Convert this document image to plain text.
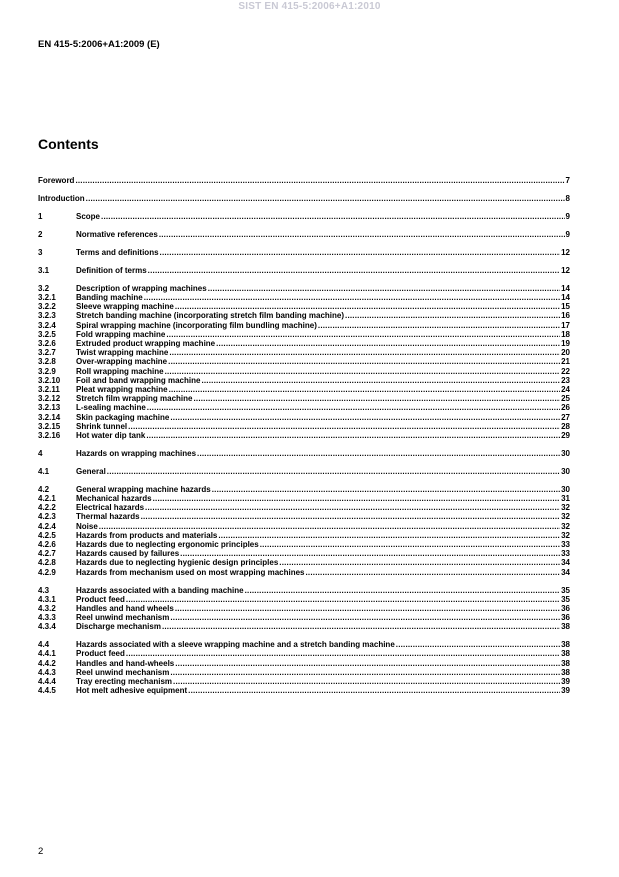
SIST EN 415-5:2006+A1:2010
EN 415-5:2006+A1:2009 (E)
Contents
Foreword .....	7
Introduction .....	8
1	Scope .....	9
2	Normative references .....	9
3	Terms and definitions .....	12
3.1	Definition of terms .....	12
3.2	Description of wrapping machines .....	14
3.2.1	Banding machine .....	14
3.2.2	Sleeve wrapping machine .....	15
3.2.3	Stretch banding machine (incorporating stretch film banding machine) .....	16
3.2.4	Spiral wrapping machine (incorporating film bundling machine) .....	17
3.2.5	Fold wrapping machine .....	18
3.2.6	Extruded product wrapping machine .....	19
3.2.7	Twist wrapping machine .....	20
3.2.8	Over-wrapping machine .....	21
3.2.9	Roll wrapping machine .....	22
3.2.10 Foil and band wrapping machine .....	23
3.2.11 Pleat wrapping machine .....	24
3.2.12 Stretch film wrapping machine .....	25
3.2.13 L-sealing machine .....	26
3.2.14 Skin packaging machine .....	27
3.2.15 Shrink tunnel .....	28
3.2.16 Hot water dip tank .....	29
4	Hazards on wrapping machines .....	30
4.1	General .....	30
4.2	General wrapping machine hazards .....	30
4.2.1	Mechanical hazards .....	31
4.2.2	Electrical hazards .....	32
4.2.3	Thermal hazards .....	32
4.2.4	Noise .....	32
4.2.5	Hazards from products and materials .....	32
4.2.6	Hazards due to neglecting ergonomic principles .....	33
4.2.7	Hazards caused by failures .....	33
4.2.8	Hazards due to neglecting hygienic design principles .....	34
4.2.9	Hazards from mechanism used on most wrapping machines .....	34
4.3	Hazards associated with a banding machine .....	35
4.3.1	Product feed .....	35
4.3.2	Handles and hand wheels .....	36
4.3.3	Reel unwind mechanism .....	36
4.3.4	Discharge mechanism .....	38
4.4	Hazards associated with a sleeve wrapping machine and a stretch banding machine .....	38
4.4.1	Product feed .....	38
4.4.2	Handles and hand-wheels .....	38
4.4.3	Reel unwind mechanism .....	38
4.4.4	Tray erecting mechanism .....	39
4.4.5	Hot melt adhesive equipment .....	39
2
